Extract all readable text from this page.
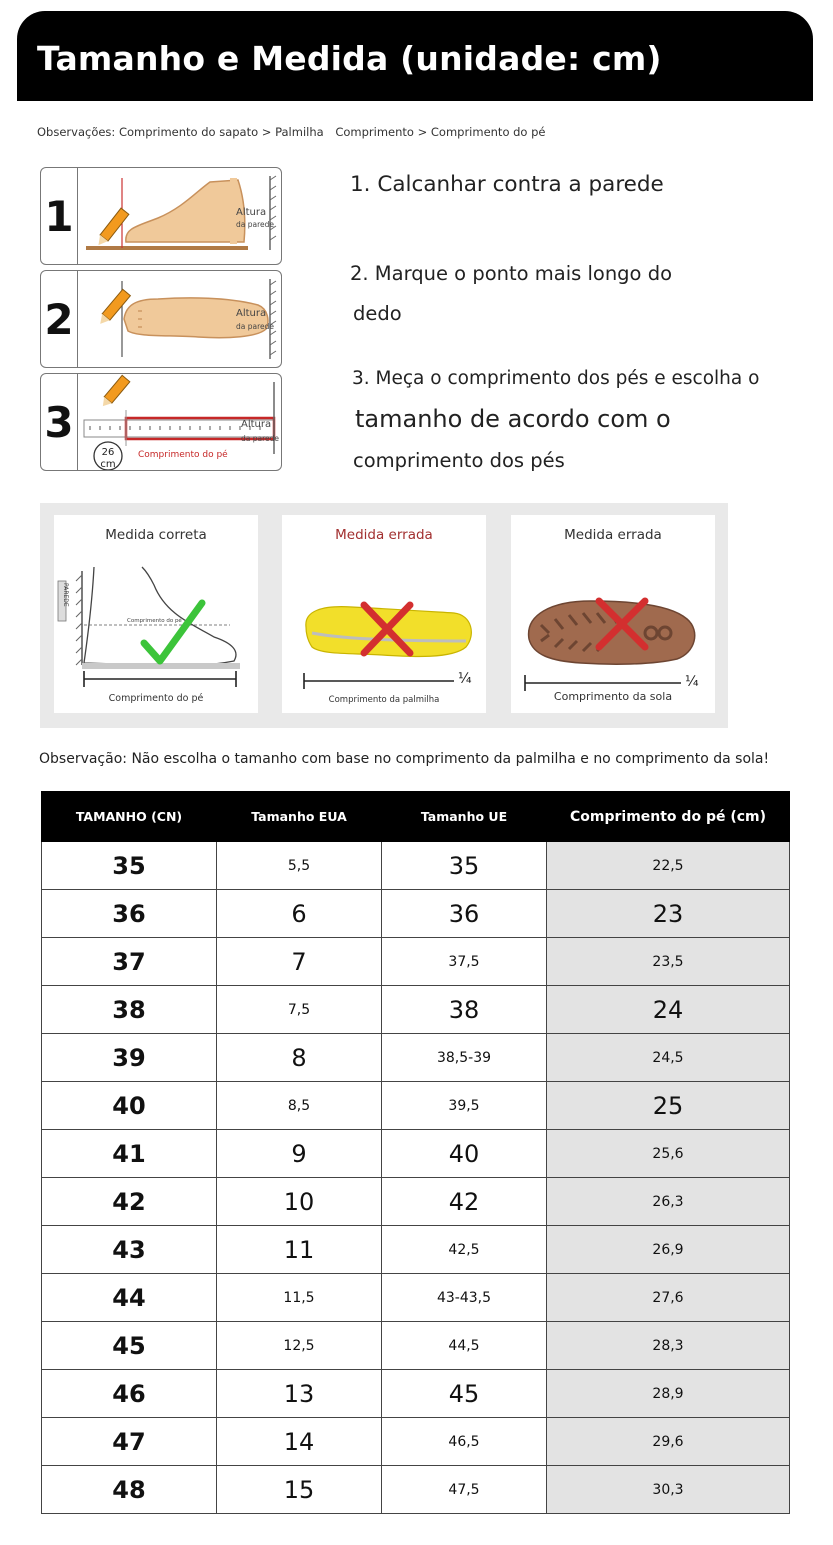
Tamanho e Medida (unidade: cm)
Observações: Comprimento do sapato > Palmilha Comprimento > Comprimento do pé
1	Altura
da parede
2	Altura
da parede
3
26
cm
Comprimento do pé
Altura
da parede
1. Calcanhar contra a parede
2. Marque o ponto mais longo do
dedo
3. Meça o comprimento dos pés e escolha o
tamanho de acordo com o
comprimento dos pés
Medida correta
PAREDE
Comprimento do pé
Comprimento do pé
Medida errada
¼
Comprimento da palmilha
Medida errada
¼
Comprimento da sola
Observação: Não escolha o tamanho com base no comprimento da palmilha e no comprimento da sola!
TAMANHO (CN)	Tamanho EUA	Tamanho UE	Comprimento do pé (cm)
35	5,5	35	22,5
36	6	36	23
37	7	37,5	23,5
38	7,5	38	24
39	8	38,5-39	24,5
40	8,5	39,5	25
41	9	40	25,6
42	10	42	26,3
43	11	42,5	26,9
44	11,5	43-43,5	27,6
45	12,5	44,5	28,3
46	13	45	28,9
47	14	46,5	29,6
48	15	47,5	30,3
